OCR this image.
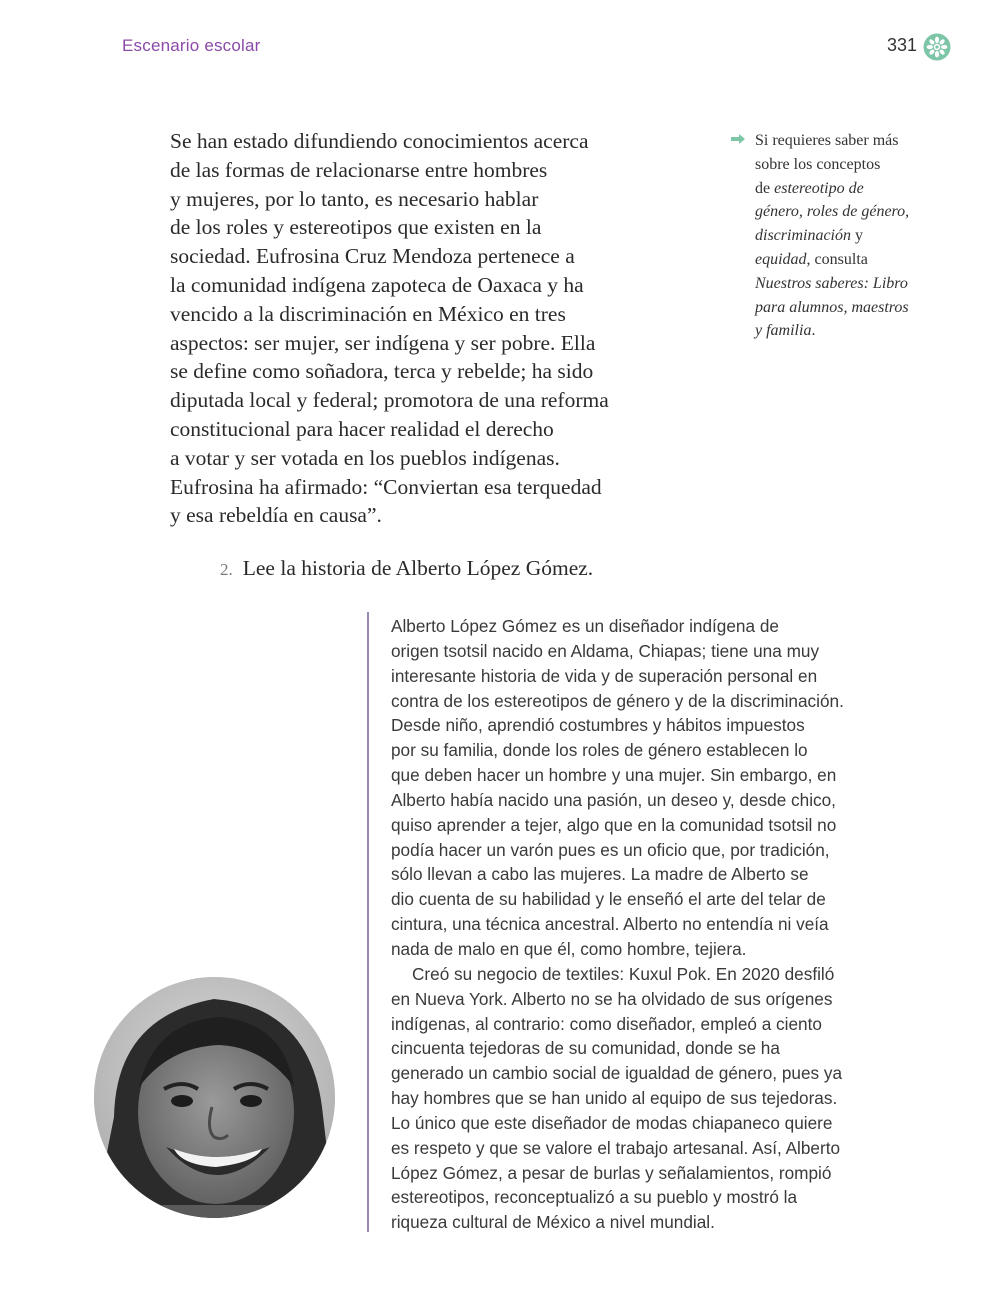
Escenario escolar	331
Se han estado difundiendo conocimientos acerca
de las formas de relacionarse entre hombres
y mujeres, por lo tanto, es necesario hablar
de los roles y estereotipos que existen en la
sociedad. Eufrosina Cruz Mendoza pertenece a
la comunidad indígena zapoteca de Oaxaca y ha
vencido a la discriminación en México en tres
aspectos: ser mujer, ser indígena y ser pobre. Ella
se define como soñadora, terca y rebelde; ha sido
diputada local y federal; promotora de una reforma
constitucional para hacer realidad el derecho
a votar y ser votada en los pueblos indígenas.
Eufrosina ha afirmado: “Conviertan esa terquedad
y esa rebeldía en causa”.
Si requieres saber más
sobre los conceptos
de estereotipo de
género, roles de género,
discriminación y
equidad, consulta
Nuestros saberes: Libro
para alumnos, maestros
y familia.
2. Lee la historia de Alberto López Gómez.
Alberto López Gómez es un diseñador indígena de
origen tsotsil nacido en Aldama, Chiapas; tiene una muy
interesante historia de vida y de superación personal en
contra de los estereotipos de género y de la discriminación.
Desde niño, aprendió costumbres y hábitos impuestos
por su familia, donde los roles de género establecen lo
que deben hacer un hombre y una mujer. Sin embargo, en
Alberto había nacido una pasión, un deseo y, desde chico,
quiso aprender a tejer, algo que en la comunidad tsotsil no
podía hacer un varón pues es un oficio que, por tradición,
sólo llevan a cabo las mujeres. La madre de Alberto se
dio cuenta de su habilidad y le enseñó el arte del telar de
cintura, una técnica ancestral. Alberto no entendía ni veía
nada de malo en que él, como hombre, tejiera.
Creó su negocio de textiles: Kuxul Pok. En 2020 desfiló
en Nueva York. Alberto no se ha olvidado de sus orígenes
indígenas, al contrario: como diseñador, empleó a ciento
cincuenta tejedoras de su comunidad, donde se ha
generado un cambio social de igualdad de género, pues ya
hay hombres que se han unido al equipo de sus tejedoras.
Lo único que este diseñador de modas chiapaneco quiere
es respeto y que se valore el trabajo artesanal. Así, Alberto
López Gómez, a pesar de burlas y señalamientos, rompió
estereotipos, reconceptualizó a su pueblo y mostró la
riqueza cultural de México a nivel mundial.
